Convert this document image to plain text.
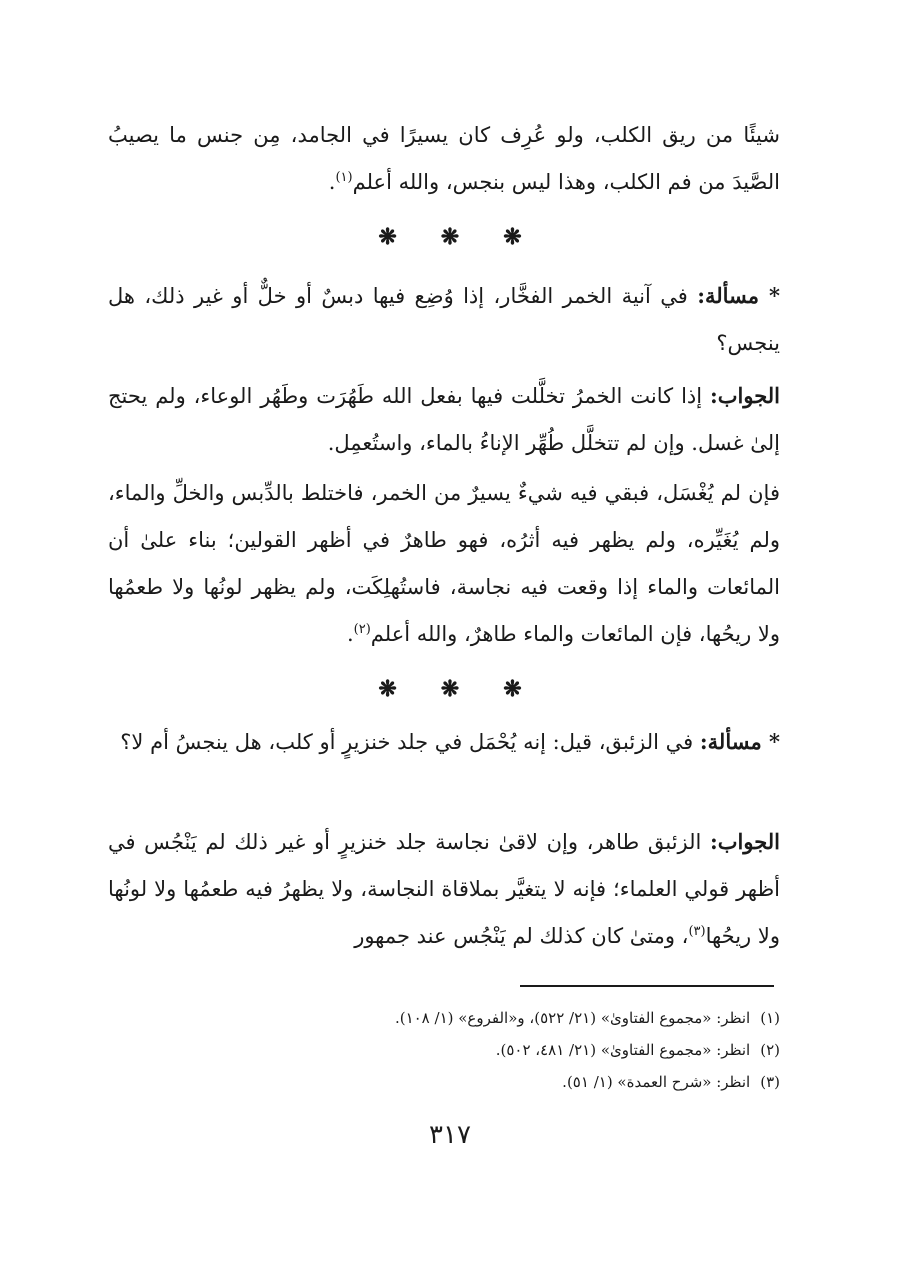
شيئًا من ريق الكلب، ولو عُرِف كان يسيرًا في الجامد، مِن جنس ما يصيبُ الصَّيدَ من فم الكلب، وهذا ليس بنجس، والله أعلم$^{(١)}$.

❋ ❋ ❋

* مسألة: في آنية الخمر الفخَّار، إذا وُضِع فيها دبسٌ أو خلٌّ أو غير ذلك، هل ينجس؟

الجواب: إذا كانت الخمرُ تخلَّلت فيها بفعل الله طَهُرَت وطَهُر الوعاء، ولم يحتج إلىٰ غسل. وإن لم تتخلَّل طُهِّر الإناءُ بالماء، واستُعمِل.

فإن لم يُغْسَل، فبقي فيه شيءٌ يسيرٌ من الخمر، فاختلط بالدِّبس والخلِّ والماء، ولم يُغَيِّره، ولم يظهر فيه أثرُه، فهو طاهرٌ في أظهر القولين؛ بناء علىٰ أن المائعات والماء إذا وقعت فيه نجاسة، فاستُهلِكَت، ولم يظهر لونُها ولا طعمُها ولا ريحُها، فإن المائعات والماء طاهرٌ، والله أعلم$^{(٢)}$.

❋ ❋ ❋

* مسألة: في الزئبق، قيل: إنه يُحْمَل في جلد خنزيرٍ أو كلب، هل ينجسُ أم لا؟

الجواب: الزئبق طاهر، وإن لاقىٰ نجاسة جلد خنزيرٍ أو غير ذلك لم يَنْجُس في أظهر قولي العلماء؛ فإنه لا يتغيَّر بملاقاة النجاسة، ولا يظهرُ فيه طعمُها ولا لونُها ولا ريحُها$^{(٣)}$، ومتىٰ كان كذلك لم يَنْجُس عند جمهور

(١)انظر: «مجموع الفتاوىٰ» (٢١/ ٥٢٢)، و«الفروع» (١/ ١٠٨).

(٢)انظر: «مجموع الفتاوىٰ» (٢١/ ٤٨١، ٥٠٢).

(٣)انظر: «شرح العمدة» (١/ ٥١).

٣١٧
